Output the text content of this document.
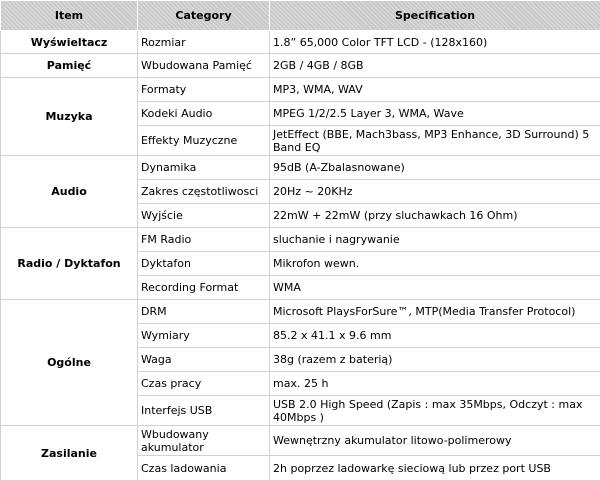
Item	Category	Specification
Wyświeltacz	Rozmiar	1.8” 65,000 Color TFT LCD - (128x160)
Pamięć	Wbudowana Pamięć	2GB / 4GB / 8GB
Muzyka	Formaty	MP3, WMA, WAV
	Kodeki Audio	MPEG 1/2/2.5 Layer 3, WMA, Wave
	Effekty Muzyczne	JetEffect (BBE, Mach3bass, MP3 Enhance, 3D Surround) 5 Band EQ
Audio	Dynamika	95dB (A-Zbalasnowane)
	Zakres częstotliwosci	20Hz ~ 20KHz
	Wyjście	22mW + 22mW (przy sluchawkach 16 Ohm)
Radio / Dyktafon	FM Radio	sluchanie i nagrywanie
	Dyktafon	Mikrofon wewn.
	Recording Format	WMA
Ogólne	DRM	Microsoft PlaysForSure™, MTP(Media Transfer Protocol)
	Wymiary	85.2 x 41.1 x 9.6 mm
	Waga	38g (razem z baterią)
	Czas pracy	max. 25 h
	Interfejs USB	USB 2.0 High Speed (Zapis : max 35Mbps, Odczyt : max 40Mbps )
Zasilanie	Wbudowany akumulator	Wewnętrzny akumulator litowo-polimerowy
	Czas ladowania	2h poprzez ladowarkę sieciową lub przez port USB
